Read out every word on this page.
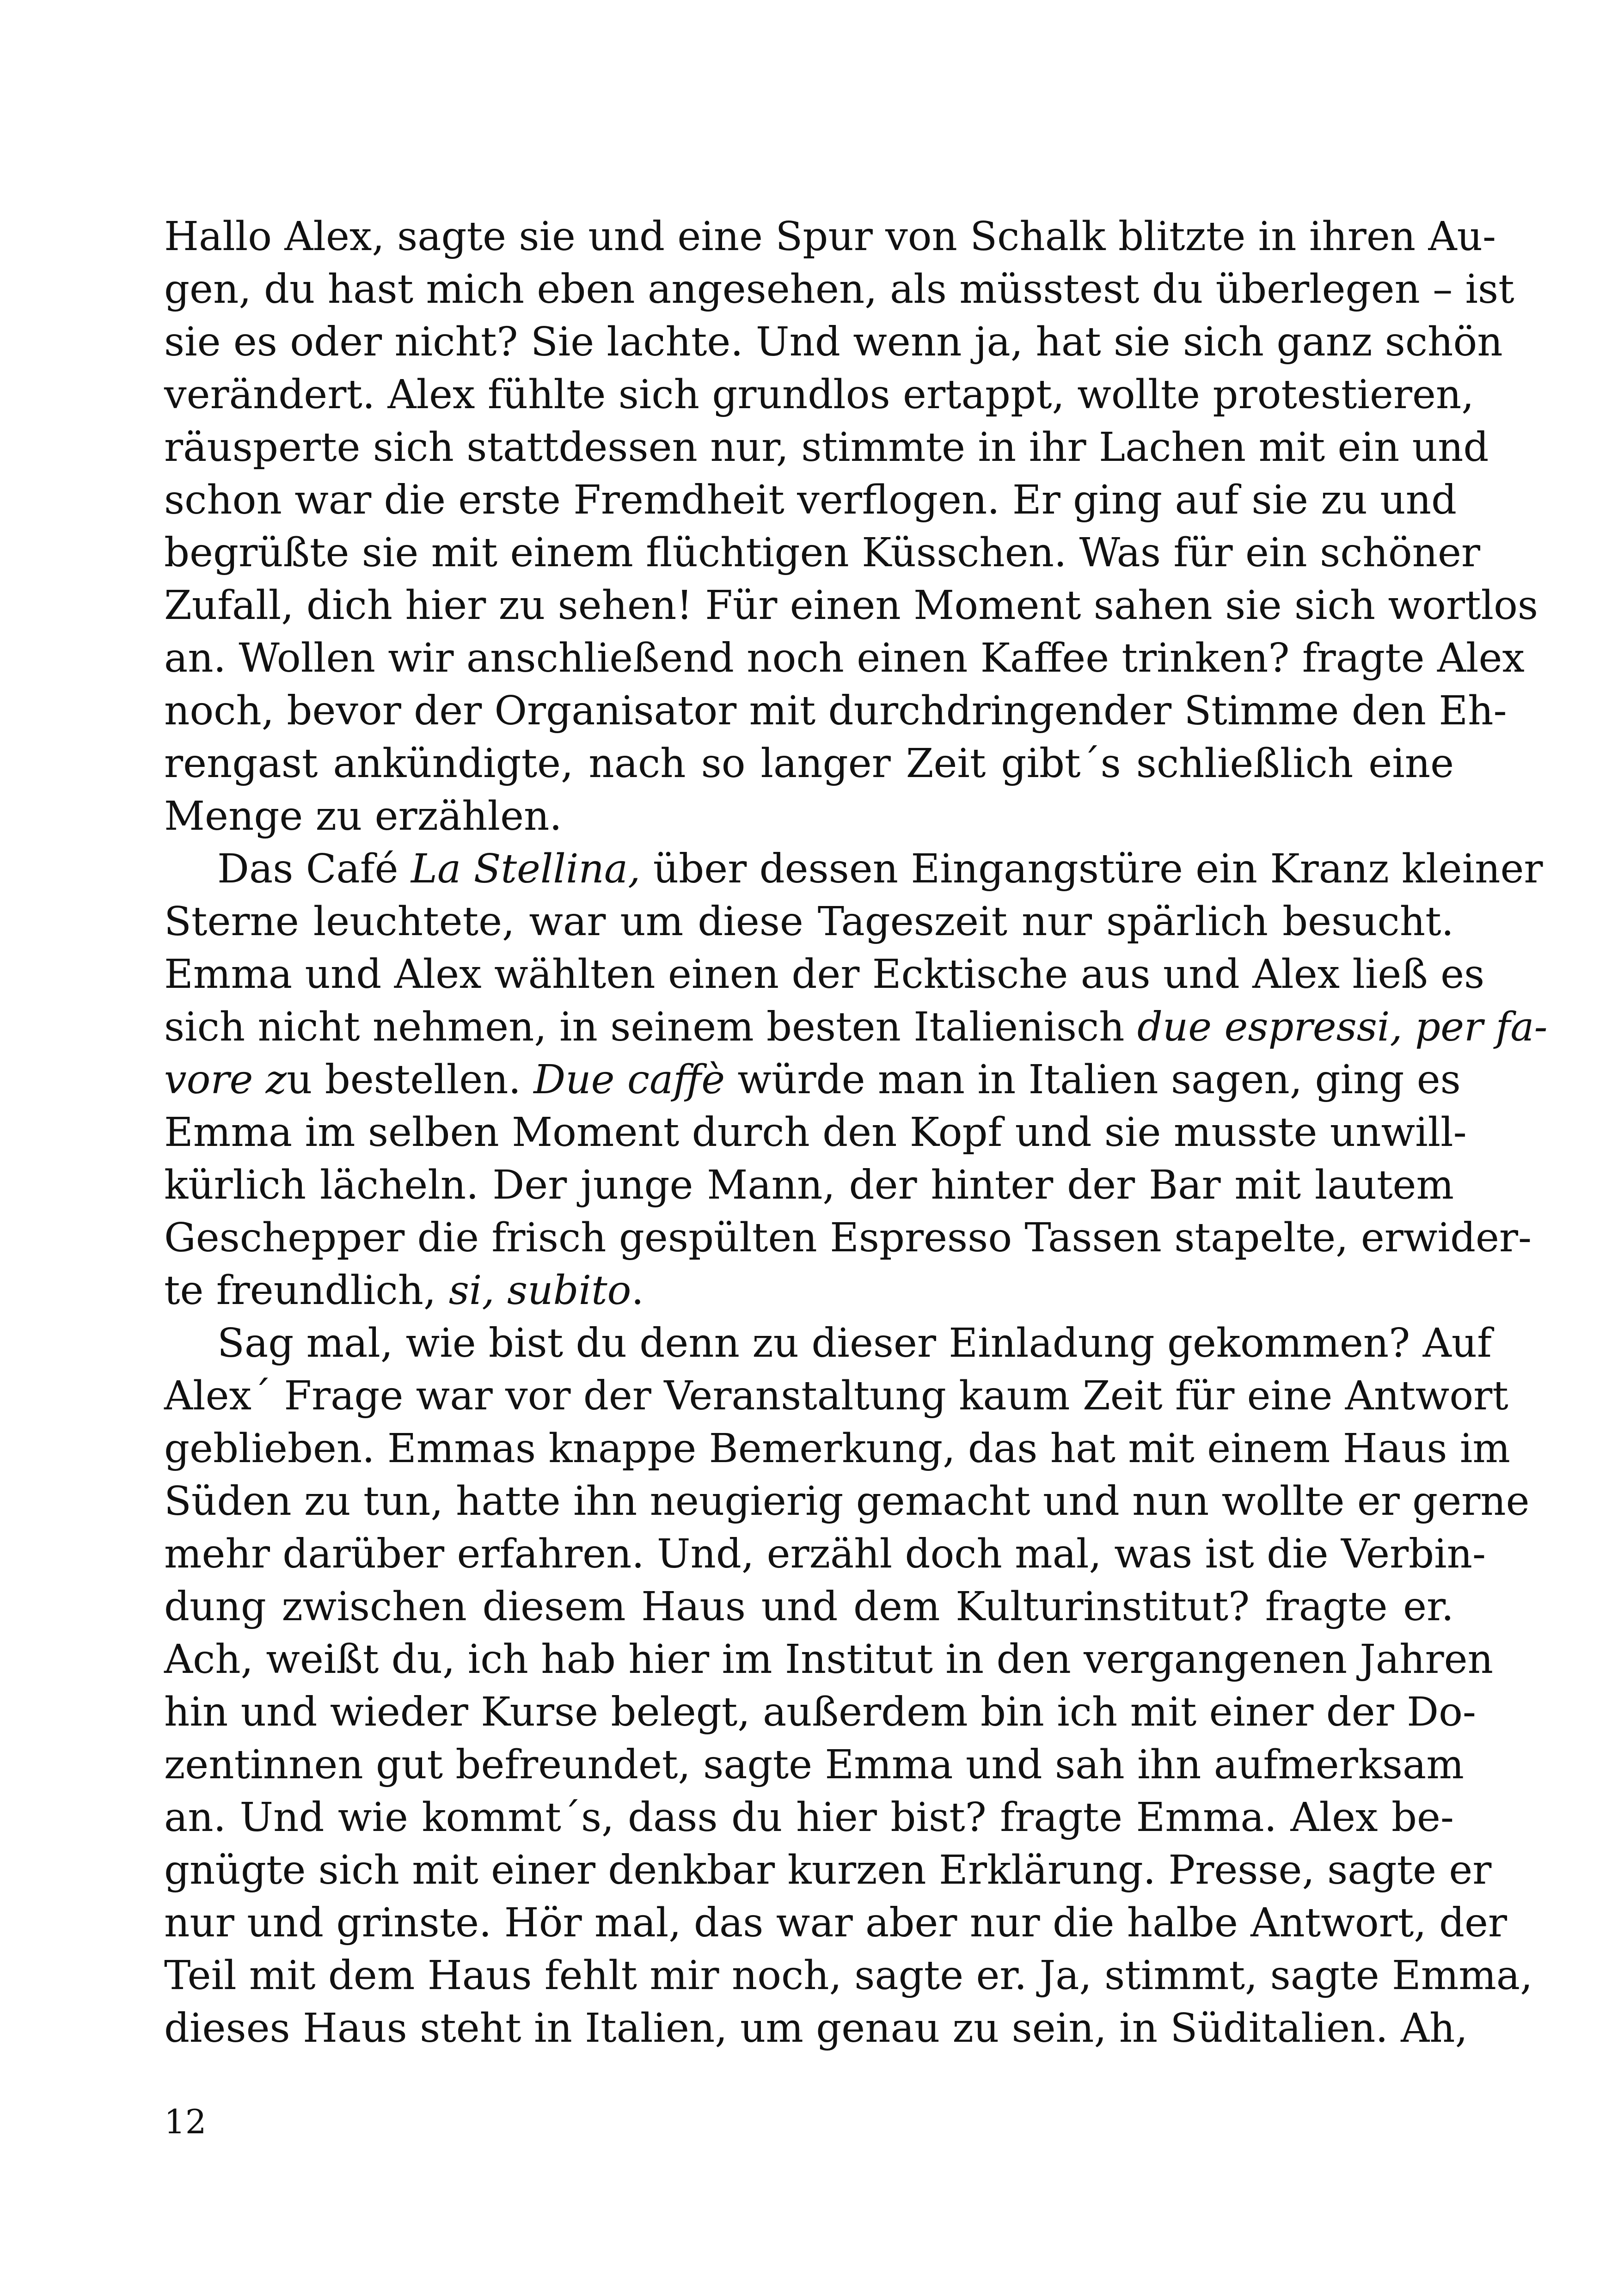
Hallo Alex, sagte sie und eine Spur von Schalk blitzte in ihren Au-
gen, du hast mich eben angesehen, als müsstest du überlegen – ist
sie es oder nicht? Sie lachte. Und wenn ja, hat sie sich ganz schön
verändert. Alex fühlte sich grundlos ertappt, wollte protestieren,
räusperte sich stattdessen nur, stimmte in ihr Lachen mit ein und
schon war die erste Fremdheit verflogen. Er ging auf sie zu und
begrüßte sie mit einem flüchtigen Küsschen. Was für ein schöner
Zufall, dich hier zu sehen! Für einen Moment sahen sie sich wortlos
an. Wollen wir anschließend noch einen Kaffee trinken? fragte Alex
noch, bevor der Organisator mit durchdringender Stimme den Eh-
rengast ankündigte, nach so langer Zeit gibt´s schließlich eine
Menge zu erzählen.
Das Café La Stellina, über dessen Eingangstüre ein Kranz kleiner
Sterne leuchtete, war um diese Tageszeit nur spärlich besucht.
Emma und Alex wählten einen der Ecktische aus und Alex ließ es
sich nicht nehmen, in seinem besten Italienisch due espressi, per fa-
vore zu bestellen. Due caffè würde man in Italien sagen, ging es
Emma im selben Moment durch den Kopf und sie musste unwill-
kürlich lächeln. Der junge Mann, der hinter der Bar mit lautem
Geschepper die frisch gespülten Espresso Tassen stapelte, erwider-
te freundlich, si, subito.
Sag mal, wie bist du denn zu dieser Einladung gekommen? Auf
Alex´ Frage war vor der Veranstaltung kaum Zeit für eine Antwort
geblieben. Emmas knappe Bemerkung, das hat mit einem Haus im
Süden zu tun, hatte ihn neugierig gemacht und nun wollte er gerne
mehr darüber erfahren. Und, erzähl doch mal, was ist die Verbin-
dung zwischen diesem Haus und dem Kulturinstitut? fragte er.
Ach, weißt du, ich hab hier im Institut in den vergangenen Jahren
hin und wieder Kurse belegt, außerdem bin ich mit einer der Do-
zentinnen gut befreundet, sagte Emma und sah ihn aufmerksam
an. Und wie kommt´s, dass du hier bist? fragte Emma. Alex be-
gnügte sich mit einer denkbar kurzen Erklärung. Presse, sagte er
nur und grinste. Hör mal, das war aber nur die halbe Antwort, der
Teil mit dem Haus fehlt mir noch, sagte er. Ja, stimmt, sagte Emma,
dieses Haus steht in Italien, um genau zu sein, in Süditalien. Ah,
12
